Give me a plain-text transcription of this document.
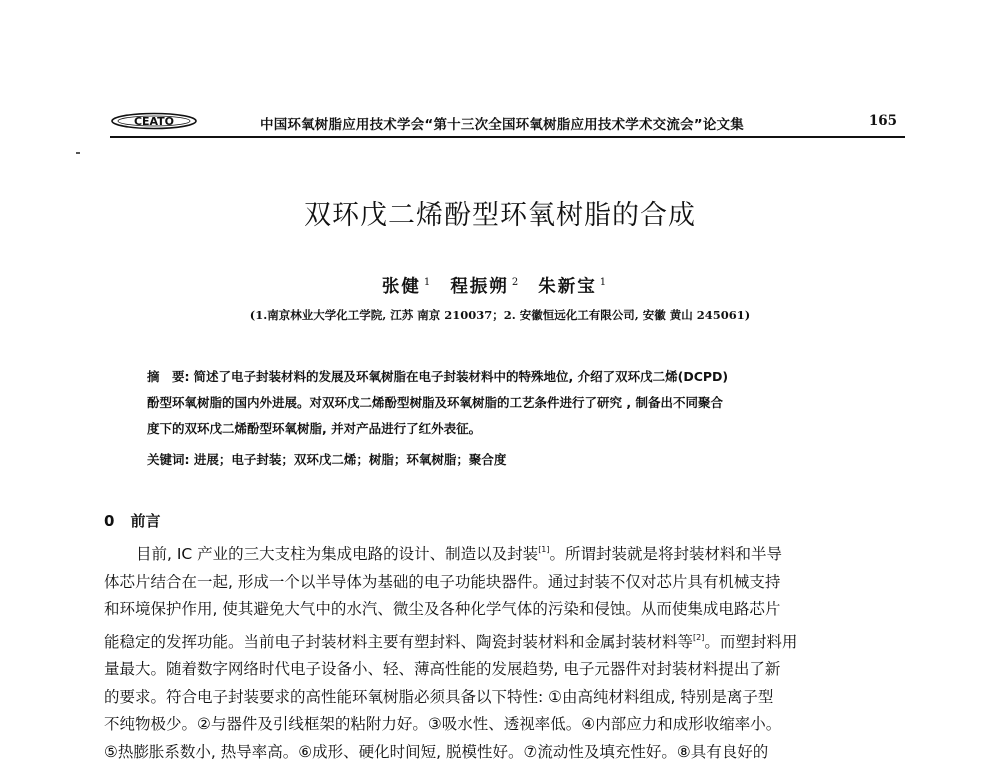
CEATO	中国环氧树脂应用技术学会“第十三次全国环氧树脂应用技术学术交流会”论文集	165
双环戊二烯酚型环氧树脂的合成
张健 $^1$ 程振朔 $^2$ 朱新宝 $^1$
(1.南京林业大学化工学院, 江苏 南京 210037；2. 安徽恒远化工有限公司, 安徽 黄山 245061)
摘　要: 简述了电子封装材料的发展及环氧树脂在电子封装材料中的特殊地位, 介绍了双环戊二烯(DCPD)
酚型环氧树脂的国内外进展。对双环戊二烯酚型树脂及环氧树脂的工艺条件进行了研究 , 制备出不同聚合
度下的双环戊二烯酚型环氧树脂, 并对产品进行了红外表征。
关键词: 进展；电子封装；双环戊二烯；树脂；环氧树脂；聚合度
0 前言
目前, IC 产业的三大支柱为集成电路的设计、制造以及封装[1]。所谓封装就是将封装材料和半导
体芯片结合在一起, 形成一个以半导体为基础的电子功能块器件。通过封装不仅对芯片具有机械支持
和环境保护作用, 使其避免大气中的水汽、微尘及各种化学气体的污染和侵蚀。从而使集成电路芯片
能稳定的发挥功能。当前电子封装材料主要有塑封料、陶瓷封装材料和金属封装材料等[2]。而塑封料用
量最大。随着数字网络时代电子设备小、轻、薄高性能的发展趋势, 电子元器件对封装材料提出了新
的要求。符合电子封装要求的高性能环氧树脂必须具备以下特性: ①由高纯材料组成, 特别是离子型
不纯物极少。②与器件及引线框架的粘附力好。③吸水性、透视率低。④内部应力和成形收缩率小。
⑤热膨胀系数小, 热导率高。⑥成形、硬化时间短, 脱模性好。⑦流动性及填充性好。⑧具有良好的
